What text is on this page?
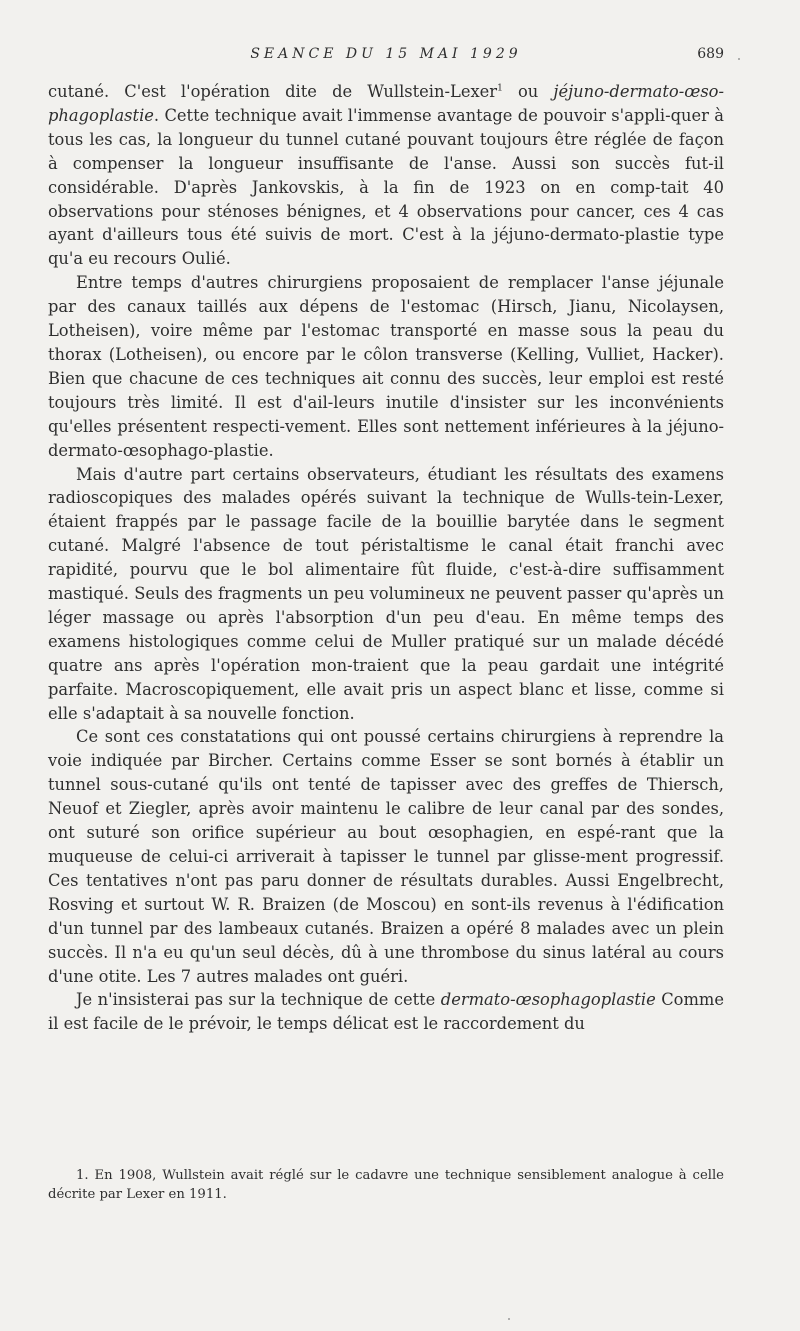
SEANCE DU 15 MAI 1929	689

cutané. C'est l'opération dite de Wullstein-Lexer$^1$ ou jéjuno-dermato-œso-phagoplastie. Cette technique avait l'immense avantage de pouvoir s'appli-quer à tous les cas, la longueur du tunnel cutané pouvant toujours être réglée de façon à compenser la longueur insuffisante de l'anse. Aussi son succès fut-il considérable. D'après Jankovskis, à la fin de 1923 on en comp-tait 40 observations pour sténoses bénignes, et 4 observations pour cancer, ces 4 cas ayant d'ailleurs tous été suivis de mort. C'est à la jéjuno-dermato-plastie type qu'a eu recours Oulié.

Entre temps d'autres chirurgiens proposaient de remplacer l'anse jéjunale par des canaux taillés aux dépens de l'estomac (Hirsch, Jianu, Nicolaysen, Lotheisen), voire même par l'estomac transporté en masse sous la peau du thorax (Lotheisen), ou encore par le côlon transverse (Kelling, Vulliet, Hacker). Bien que chacune de ces techniques ait connu des succès, leur emploi est resté toujours très limité. Il est d'ail-leurs inutile d'insister sur les inconvénients qu'elles présentent respecti-vement. Elles sont nettement inférieures à la jéjuno-dermato-œsophago-plastie.

Mais d'autre part certains observateurs, étudiant les résultats des examens radioscopiques des malades opérés suivant la technique de Wulls-tein-Lexer, étaient frappés par le passage facile de la bouillie barytée dans le segment cutané. Malgré l'absence de tout péristaltisme le canal était franchi avec rapidité, pourvu que le bol alimentaire fût fluide, c'est-à-dire suffisamment mastiqué. Seuls des fragments un peu volumineux ne peuvent passer qu'après un léger massage ou après l'absorption d'un peu d'eau. En même temps des examens histologiques comme celui de Muller pratiqué sur un malade décédé quatre ans après l'opération mon-traient que la peau gardait une intégrité parfaite. Macroscopiquement, elle avait pris un aspect blanc et lisse, comme si elle s'adaptait à sa nouvelle fonction.

Ce sont ces constatations qui ont poussé certains chirurgiens à reprendre la voie indiquée par Bircher. Certains comme Esser se sont bornés à établir un tunnel sous-cutané qu'ils ont tenté de tapisser avec des greffes de Thiersch, Neuof et Ziegler, après avoir maintenu le calibre de leur canal par des sondes, ont suturé son orifice supérieur au bout œsophagien, en espé-rant que la muqueuse de celui-ci arriverait à tapisser le tunnel par glisse-ment progressif. Ces tentatives n'ont pas paru donner de résultats durables. Aussi Engelbrecht, Rosving et surtout W. R. Braizen (de Moscou) en sont-ils revenus à l'édification d'un tunnel par des lambeaux cutanés. Braizen a opéré 8 malades avec un plein succès. Il n'a eu qu'un seul décès, dû à une thrombose du sinus latéral au cours d'une otite. Les 7 autres malades ont guéri.

Je n'insisterai pas sur la technique de cette dermato-œsophagoplastie Comme il est facile de le prévoir, le temps délicat est le raccordement du

1. En 1908, Wullstein avait réglé sur le cadavre une technique sensiblement analogue à celle décrite par Lexer en 1911.
